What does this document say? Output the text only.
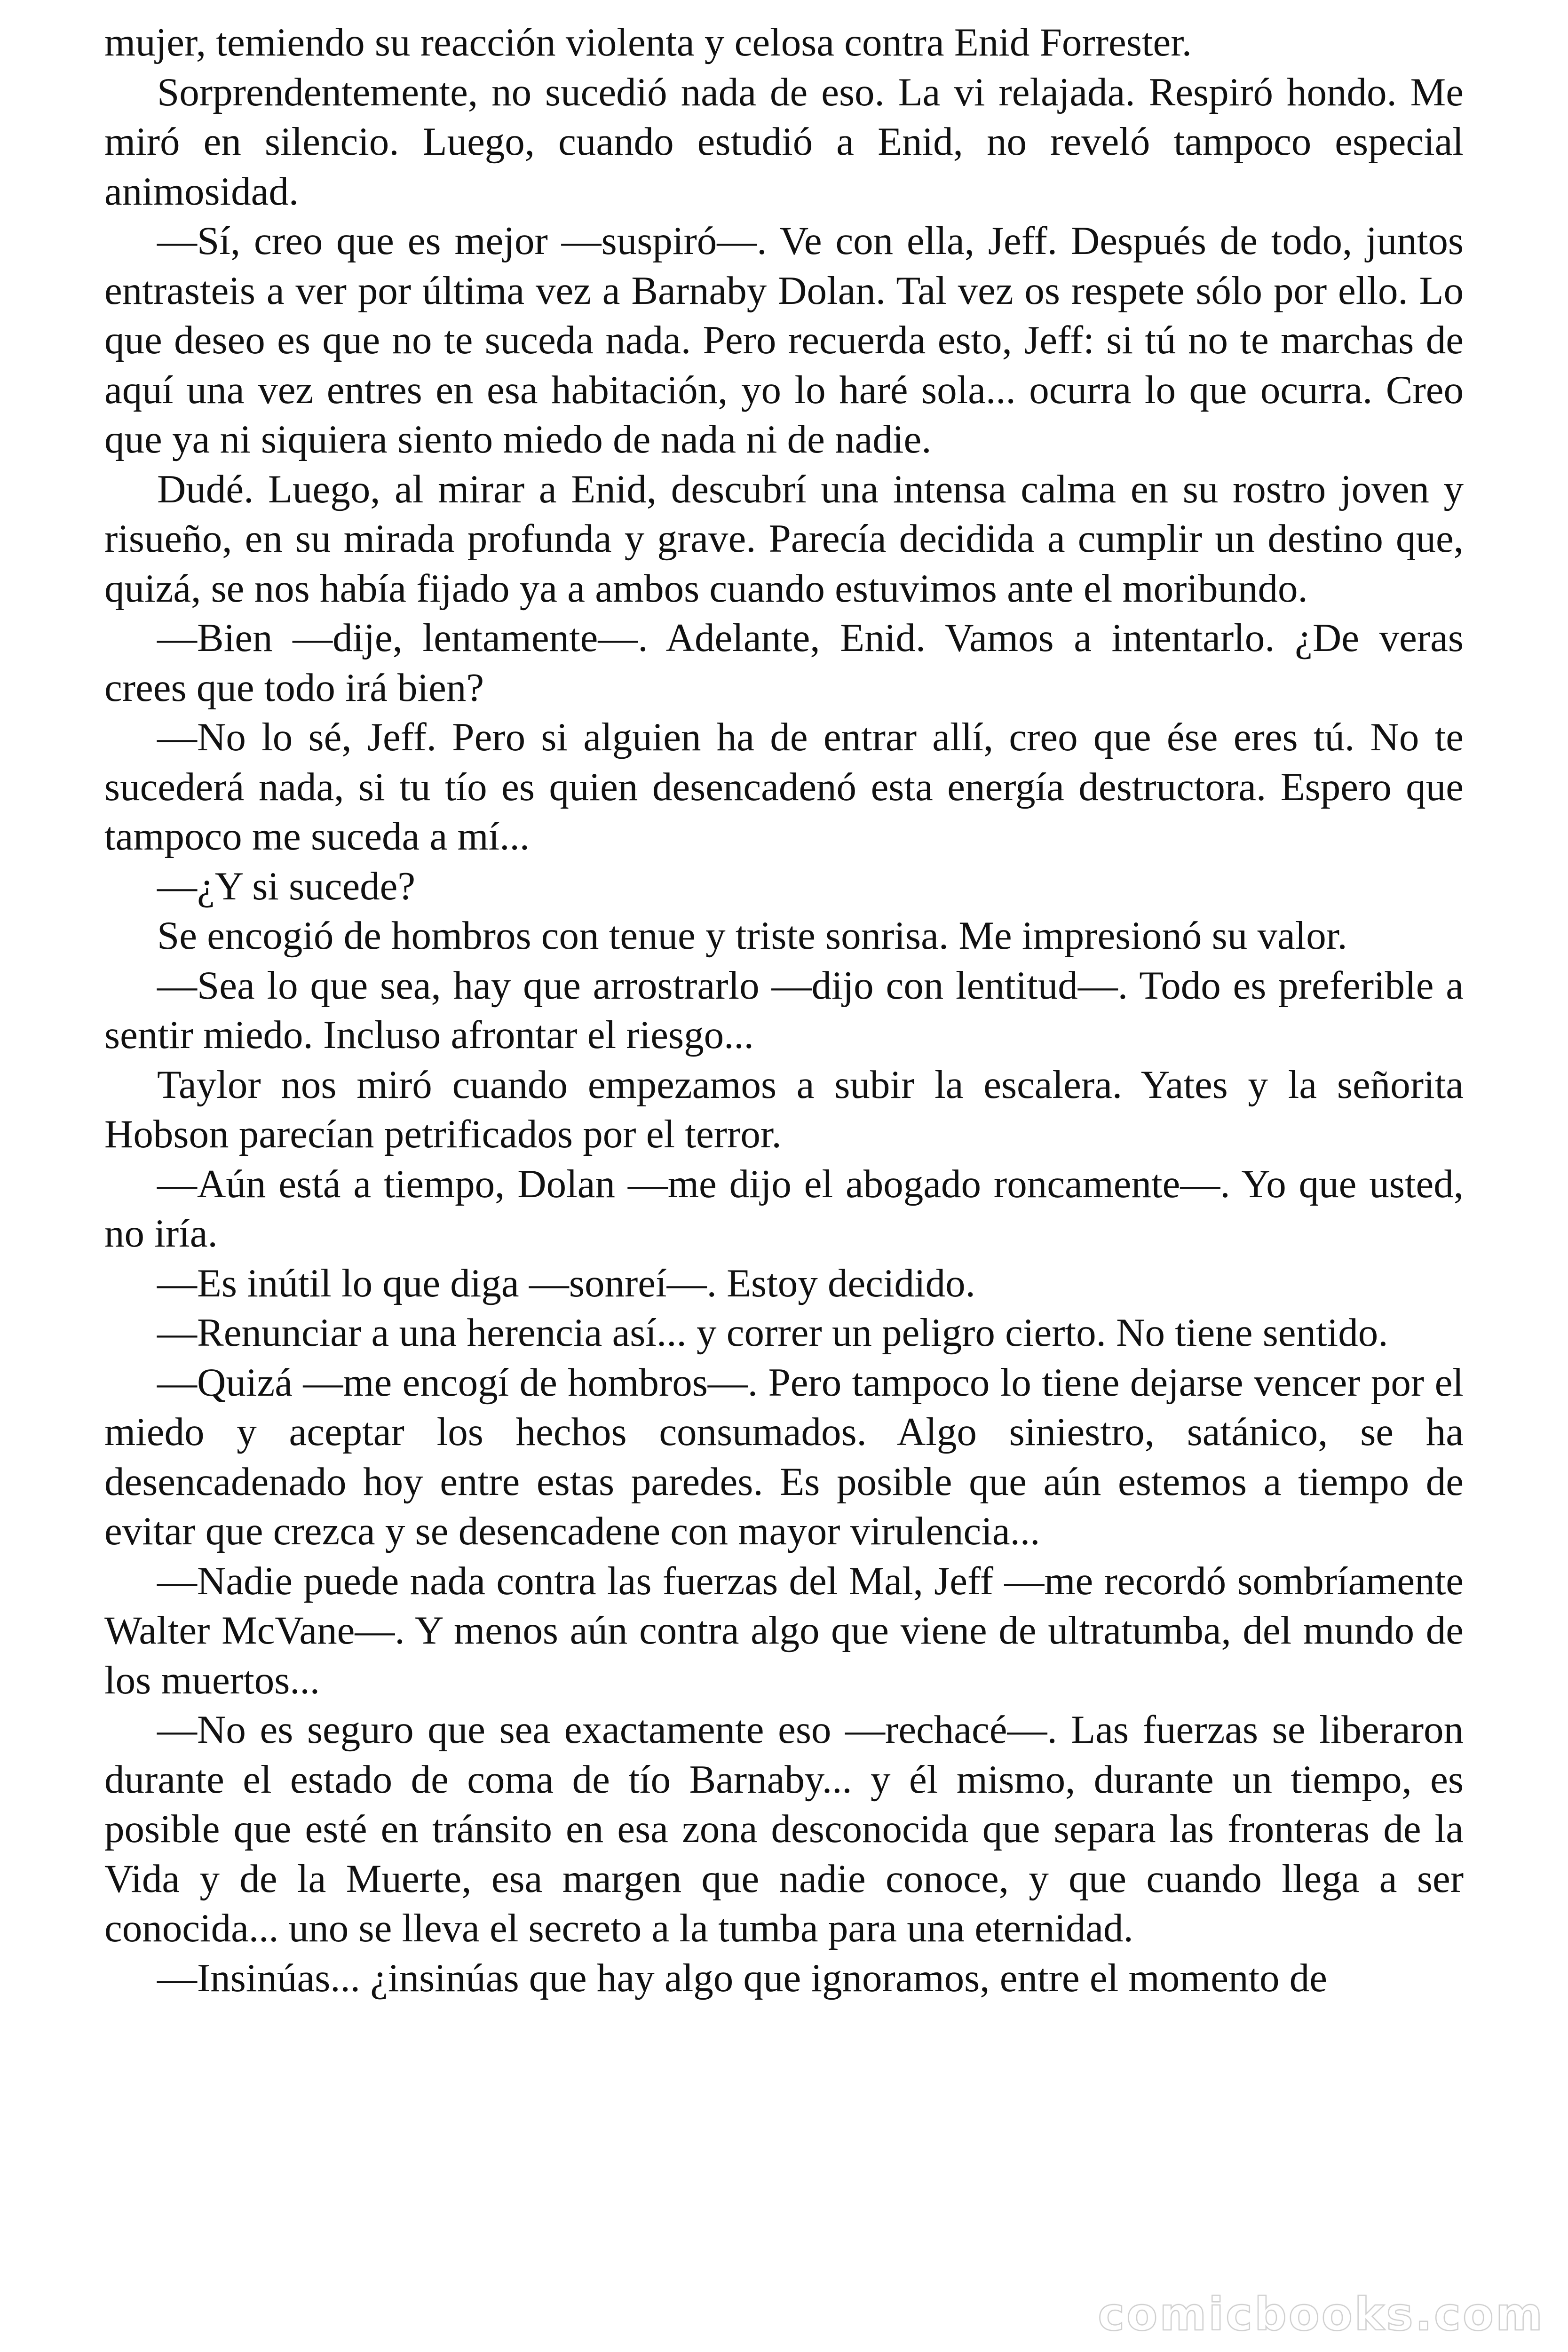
mujer, temiendo su reacción violenta y celosa contra Enid Forrester.

Sorprendentemente, no sucedió nada de eso. La vi relajada. Respiró hondo. Me miró en silencio. Luego, cuando estudió a Enid, no reveló tampoco especial animosidad.

—Sí, creo que es mejor —suspiró—. Ve con ella, Jeff. Después de todo, juntos entrasteis a ver por última vez a Barnaby Dolan. Tal vez os respete sólo por ello. Lo que deseo es que no te suceda nada. Pero recuerda esto, Jeff: si tú no te marchas de aquí una vez entres en esa habitación, yo lo haré sola... ocurra lo que ocurra. Creo que ya ni siquiera siento miedo de nada ni de nadie.

Dudé. Luego, al mirar a Enid, descubrí una intensa calma en su rostro joven y risueño, en su mirada profunda y grave. Parecía decidida a cumplir un destino que, quizá, se nos había fijado ya a ambos cuando estuvimos ante el moribundo.

—Bien —dije, lentamente—. Adelante, Enid. Vamos a intentarlo. ¿De veras crees que todo irá bien?

—No lo sé, Jeff. Pero si alguien ha de entrar allí, creo que ése eres tú. No te sucederá nada, si tu tío es quien desencadenó esta energía destructora. Espero que tampoco me suceda a mí...

—¿Y si sucede?

Se encogió de hombros con tenue y triste sonrisa. Me impresionó su valor.

—Sea lo que sea, hay que arrostrarlo —dijo con lentitud—. Todo es preferible a sentir miedo. Incluso afrontar el riesgo...

Taylor nos miró cuando empezamos a subir la escalera. Yates y la señorita Hobson parecían petrificados por el terror.

—Aún está a tiempo, Dolan —me dijo el abogado roncamente—. Yo que usted, no iría.

—Es inútil lo que diga —sonreí—. Estoy decidido.

—Renunciar a una herencia así... y correr un peligro cierto. No tiene sentido.

—Quizá —me encogí de hombros—. Pero tampoco lo tiene dejarse vencer por el miedo y aceptar los hechos consumados. Algo siniestro, satánico, se ha desencadenado hoy entre estas paredes. Es posible que aún estemos a tiempo de evitar que crezca y se desencadene con mayor virulencia...

—Nadie puede nada contra las fuerzas del Mal, Jeff —me recordó sombríamente Walter McVane—. Y menos aún contra algo que viene de ultratumba, del mundo de los muertos...

—No es seguro que sea exactamente eso —rechacé—. Las fuerzas se liberaron durante el estado de coma de tío Barnaby... y él mismo, durante un tiempo, es posible que esté en tránsito en esa zona desconocida que separa las fronteras de la Vida y de la Muerte, esa margen que nadie conoce, y que cuando llega a ser conocida... uno se lleva el secreto a la tumba para una eternidad.

—Insinúas... ¿insinúas que hay algo que ignoramos, entre el momento de

comicbooks.com
